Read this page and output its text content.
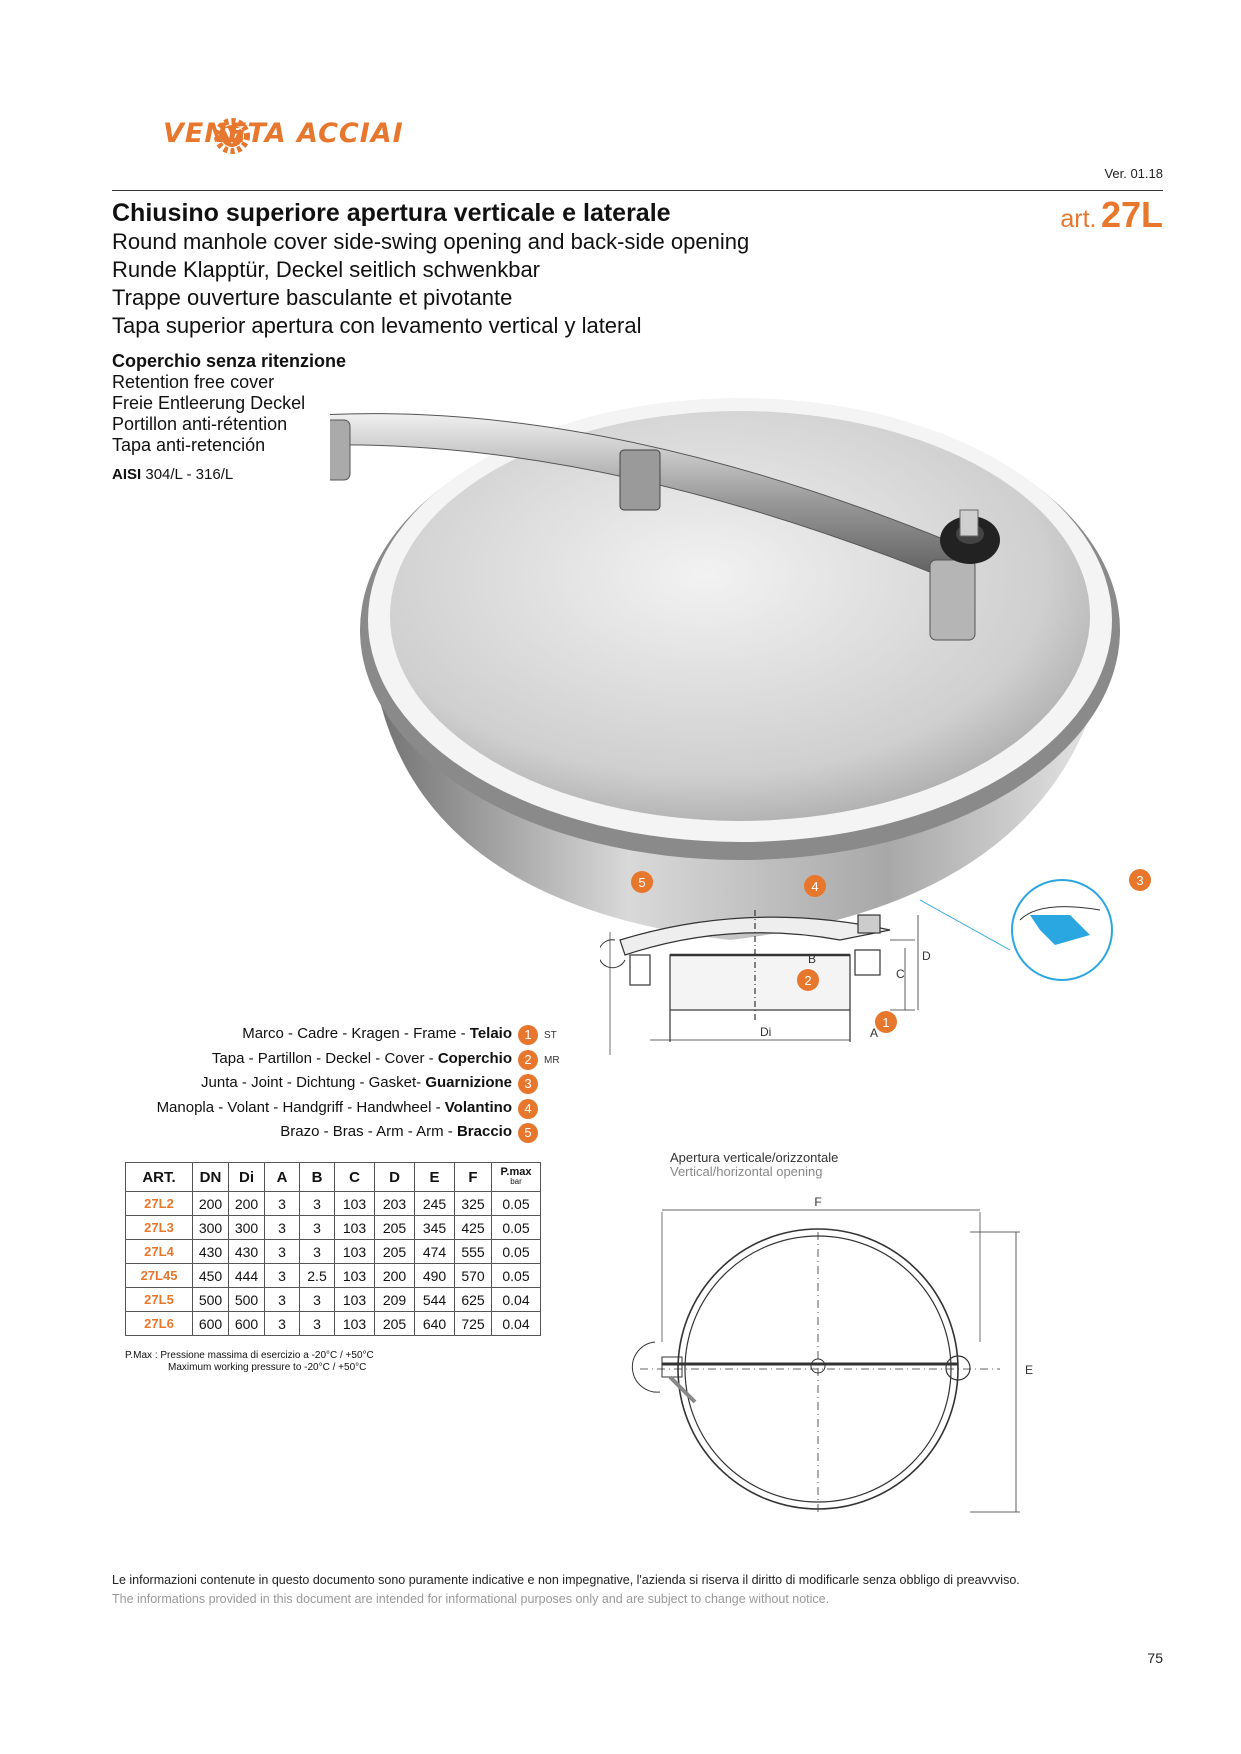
VENETA ACCIAI
Ver. 01.18
Chiusino superiore apertura verticale e laterale
Round manhole cover side-swing opening and back-side opening
Runde Klapptür, Deckel seitlich schwenkbar
Trappe ouverture basculante et pivotante
Tapa superior apertura con levamento vertical y lateral
art. 27L
Coperchio senza ritenzione
Retention free cover
Freie Entleerung Deckel
Portillon anti-rétention
Tapa anti-retención
AISI 304/L - 316/L
Marco - Cadre - Kragen - Frame - Telaio 1	ST
Tapa - Partillon - Deckel - Cover - Coperchio 2	MR
Junta - Joint - Dichtung - Gasket- Guarnizione 3
Manopla - Volant - Handgriff - Handwheel - Volantino 4
Brazo - Bras - Arm - Arm - Braccio 5
ART.	DN	Di	A	B	C	D	E	F	P.max
bar

27L2	200	200	3	3	103	203	245	325	0.05
27L3	300	300	3	3	103	205	345	425	0.05
27L4	430	430	3	3	103	205	474	555	0.05
27L45	450	444	3	2.5	103	200	490	570	0.05
27L5	500	500	3	3	103	209	544	625	0.04
27L6	600	600	3	3	103	205	640	725	0.04
P.Max : Pressione massima di esercizio a -20°C / +50°C
Maximum working pressure to -20°C / +50°C
Di	A
B
C
D
5	4
2
1
3
Apertura verticale/orizzontale
Vertical/horizontal opening
F
E
Le informazioni contenute in questo documento sono puramente indicative e non impegnative, l'azienda si riserva il diritto di modificarle senza obbligo di preavvviso.
The informations provided in this document are intended for informational purposes only and are subject to change without notice.
75
